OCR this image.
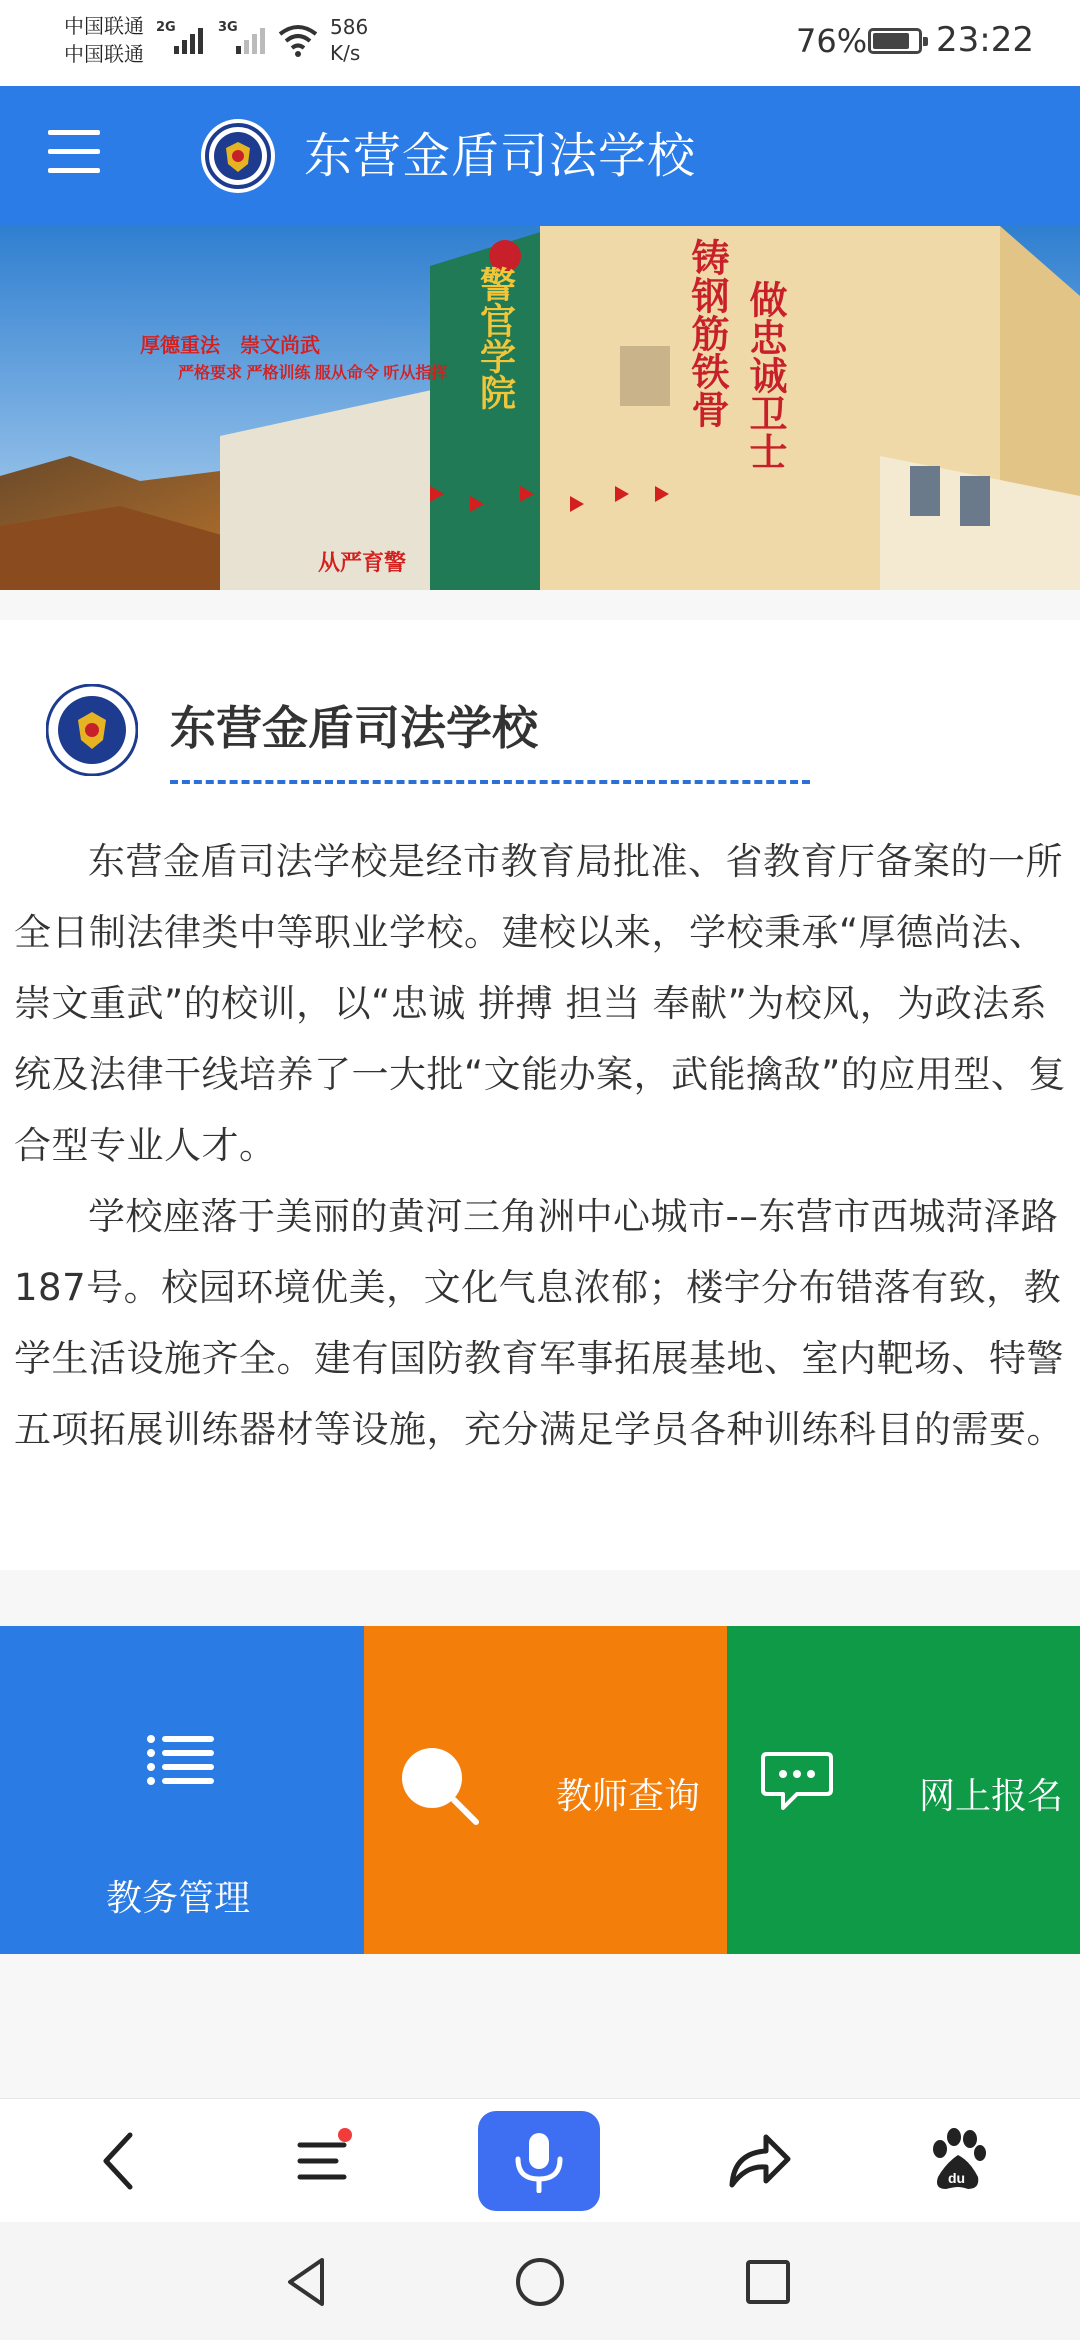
中国联通
中国联通
2G	3G	586
K/s	76% 23:22
东营金盾司法学校
厚德重法　崇文尚武
严格要求 严格训练 服从命令 听从指挥
从严育警
警官学院	铸钢筋铁骨 做忠诚卫士
东营金盾司法学校

东营金盾司法学校是经市教育局批准、省教育厅备案的一所全日制法律类中等职业学校。建校以来，学校秉承“厚德尚法、崇文重武”的校训，以“忠诚 拼搏 担当 奉献”为校风，为政法系统及法律干线培养了一大批“文能办案，武能擒敌”的应用型、复合型专业人才。

学校座落于美丽的黄河三角洲中心城市-–东营市西城菏泽路187号。校园环境优美，文化气息浓郁；楼宇分布错落有致，教学生活设施齐全。建有国防教育军事拓展基地、室内靶场、特警五项拓展训练器材等设施，充分满足学员各种训练科目的需要。

教务管理
教师查询	网上报名
du
